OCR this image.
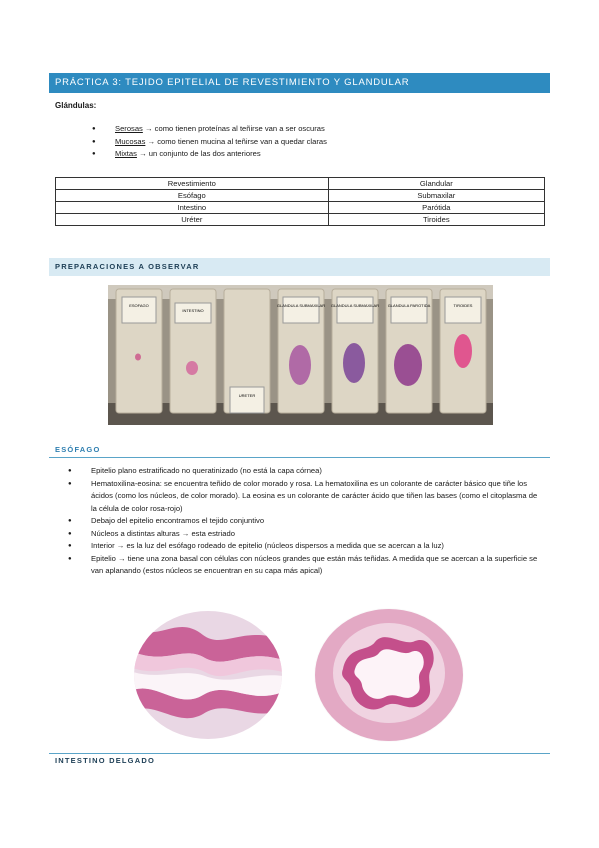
PRÁCTICA 3: TEJIDO EPITELIAL DE REVESTIMIENTO Y GLANDULAR
Glándulas:
● Serosas → como tienen proteínas al teñirse van a ser oscuras
● Mucosas → como tienen mucina al teñirse van a quedar claras
● Mixtas → un conjunto de las dos anteriores
Revestimiento	Glandular
Esófago	Submaxilar
Intestino	Parótida
Uréter	Tiroides
PREPARACIONES A OBSERVAR
ESOFAGO
INTESTINO
URETER
GLANDULA SUBMAXILAR GLANDULA SUBMAXILAR GLANDULA PAROTIDA	TIROIDES
ESÓFAGO
● Epitelio plano estratificado no queratinizado (no está la capa córnea)
● Hematoxilina-eosina: se encuentra teñido de color morado y rosa. La hematoxilina es un colorante de carácter básico que tiñe los ácidos (como los núcleos, de color morado). La eosina es un colorante de carácter ácido que tiñen las bases (como el citoplasma de la célula de color rosa-rojo)
● Debajo del epitelio encontramos el tejido conjuntivo
● Núcleos a distintas alturas → esta estriado
● Interior → es la luz del esófago rodeado de epitelio (núcleos dispersos a medida que se acercan a la luz)
● Epitelio → tiene una zona basal con células con núcleos grandes que están más teñidas. A medida que se acercan a la superficie se van aplanando (estos núcleos se encuentran en su capa más apical)
INTESTINO DELGADO
